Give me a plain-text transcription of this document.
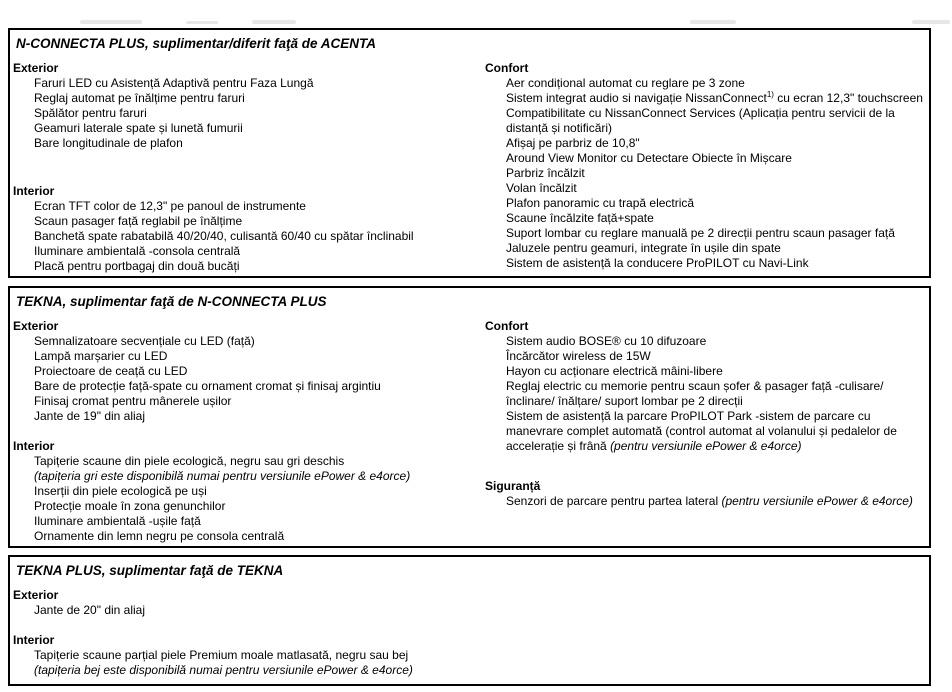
N-CONNECTA PLUS, suplimentar/diferit faţă de ACENTA
Exterior
Faruri LED cu Asistență Adaptivă pentru Faza Lungă
Reglaj automat pe înălțime pentru faruri
Spălător pentru faruri
Geamuri laterale spate și lunetă fumurii
Bare longitudinale de plafon
Interior
Ecran TFT color de 12,3" pe panoul de instrumente
Scaun pasager față reglabil pe înălțime
Banchetă spate rabatabilă 40/20/40, culisantă 60/40 cu spătar înclinabil
Iluminare ambientală -consola centrală
Placă pentru portbagaj din două bucăți
Confort
Aer condițional automat cu reglare pe 3 zone
Sistem integrat audio si navigație NissanConnect$^{1)}$ cu ecran 12,3" touchscreen
Compatibilitate cu NissanConnect Services (Aplicația pentru servicii de la distanță și notificări)
Afișaj pe parbriz de 10,8"
Around View Monitor cu Detectare Obiecte în Mișcare
Parbriz încălzit
Volan încălzit
Plafon panoramic cu trapă electrică
Scaune încălzite față+spate
Suport lombar cu reglare manuală pe 2 direcții pentru scaun pasager față
Jaluzele pentru geamuri, integrate în ușile din spate
Sistem de asistență la conducere ProPILOT cu Navi-Link
TEKNA, suplimentar faţă de N-CONNECTA PLUS
Exterior
Semnalizatoare secvențiale cu LED (față)
Lampă marșarier cu LED
Proiectoare de ceață cu LED
Bare de protecție față-spate cu ornament cromat și finisaj argintiu
Finisaj cromat pentru mânerele ușilor
Jante de 19" din aliaj
Interior
Tapițerie scaune din piele ecologică, negru sau gri deschis
(tapițeria gri este disponibilă numai pentru versiunile ePower & e4orce)
Inserții din piele ecologică pe uși
Protecție moale în zona genunchilor
Iluminare ambientală -ușile față
Ornamente din lemn negru pe consola centrală
Confort
Sistem audio BOSE® cu 10 difuzoare
Încărcător wireless de 15W
Hayon cu acționare electrică mâini-libere
Reglaj electric cu memorie pentru scaun șofer & pasager față -culisare/ înclinare/ înălțare/ suport lombar pe 2 direcții
Sistem de asistență la parcare ProPILOT Park -sistem de parcare cu manevrare complet automată (control automat al volanului și pedalelor de accelerație și frână (pentru versiunile ePower & e4orce)
Siguranță
Senzori de parcare pentru partea lateral (pentru versiunile ePower & e4orce)
TEKNA PLUS, suplimentar faţă de TEKNA
Exterior
Jante de 20" din aliaj
Interior
Tapițerie scaune parțial piele Premium moale matlasată, negru sau bej
(tapițeria bej este disponibilă numai pentru versiunile ePower & e4orce)
